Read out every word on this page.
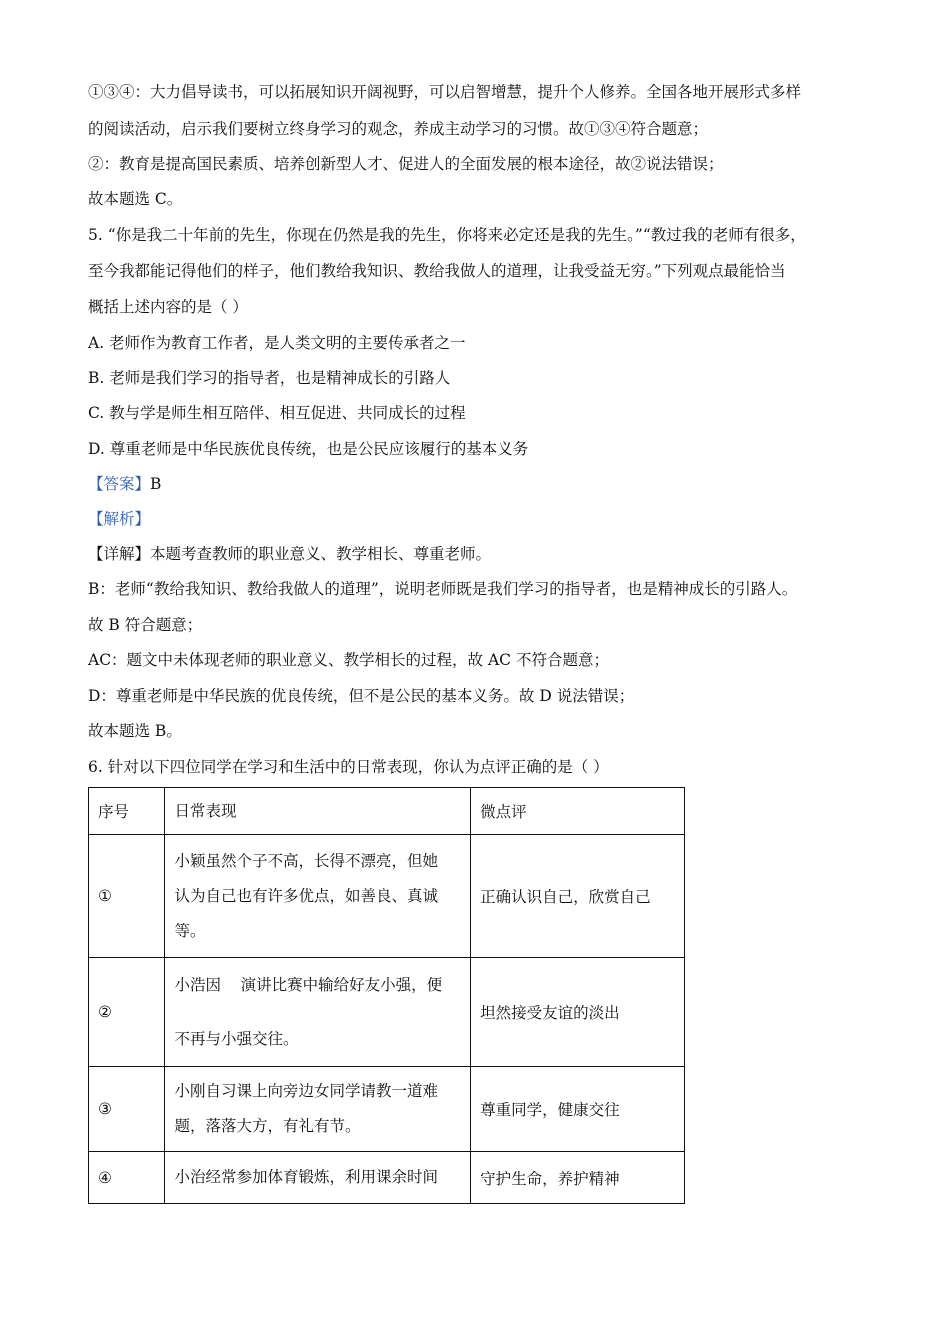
①③④：大力倡导读书，可以拓展知识开阔视野，可以启智增慧，提升个人修养。全国各地开展形式多样
的阅读活动，启示我们要树立终身学习的观念，养成主动学习的习惯。故①③④符合题意；
②：教育是提高国民素质、培养创新型人才、促进人的全面发展的根本途径，故②说法错误；
故本题选 C。
5. “你是我二十年前的先生，你现在仍然是我的先生，你将来必定还是我的先生。”“教过我的老师有很多，
至今我都能记得他们的样子，他们教给我知识、教给我做人的道理，让我受益无穷。”下列观点最能恰当
概括上述内容的是（ ）
A. 老师作为教育工作者，是人类文明的主要传承者之一
B. 老师是我们学习的指导者，也是精神成长的引路人
C. 教与学是师生相互陪伴、相互促进、共同成长的过程
D. 尊重老师是中华民族优良传统，也是公民应该履行的基本义务
【答案】B
【解析】
【详解】本题考查教师的职业意义、教学相长、尊重老师。
B：老师“教给我知识、教给我做人的道理”，说明老师既是我们学习的指导者，也是精神成长的引路人。
故 B 符合题意；
AC：题文中未体现老师的职业意义、教学相长的过程，故 AC 不符合题意；
D：尊重老师是中华民族的优良传统，但不是公民的基本义务。故 D 说法错误；
故本题选 B。
6. 针对以下四位同学在学习和生活中的日常表现，你认为点评正确的是（ ）
序号	日常表现	微点评
①	小颖虽然个子不高，长得不漂亮，但她
认为自己也有许多优点，如善良、真诚
等。	正确认识自己，欣赏自己
②	小浩因    演讲比赛中输给好友小强，便
不再与小强交往。	坦然接受友谊的淡出
③	小刚自习课上向旁边女同学请教一道难
题，落落大方，有礼有节。	尊重同学，健康交往
④	小治经常参加体育锻炼，利用课余时间	守护生命，养护精神
